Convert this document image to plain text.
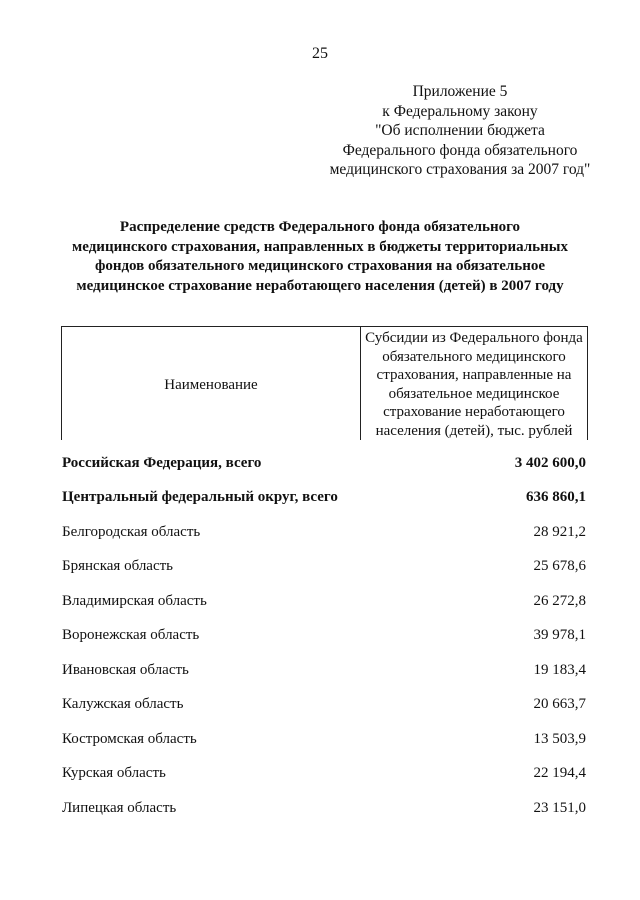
25
Приложение 5
к Федеральному закону
"Об исполнении бюджета
Федерального фонда обязательного
медицинского страхования за 2007 год"
Распределение средств Федерального фонда обязательного
медицинского страхования, направленных в бюджеты территориальных
фондов обязательного медицинского страхования на обязательное
медицинское страхование неработающего населения (детей) в 2007 году
Наименование
Субсидии из Федерального фонда
обязательного медицинского
страхования, направленные на
обязательное медицинское
страхование неработающего
населения (детей), тыс. рублей
Российская Федерация, всего	3 402 600,0
Центральный федеральный округ, всего	636 860,1
Белгородская область	28 921,2
Брянская область	25 678,6
Владимирская область	26 272,8
Воронежская область	39 978,1
Ивановская область	19 183,4
Калужская область	20 663,7
Костромская область	13 503,9
Курская область	22 194,4
Липецкая область	23 151,0
